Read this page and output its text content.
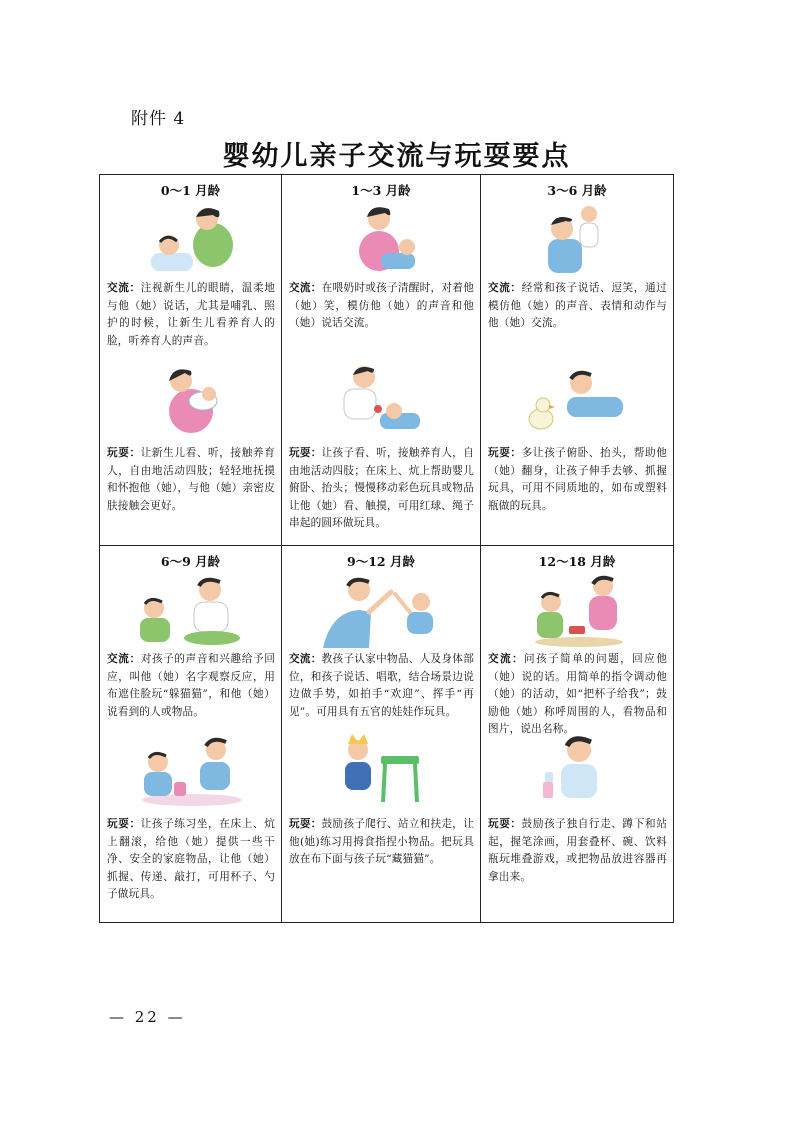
附件 4
婴幼儿亲子交流与玩耍要点
0～1 月龄
交流：注视新生儿的眼睛，温柔地与他（她）说话，尤其是哺乳、照护的时候，让新生儿看养育人的脸，听养育人的声音。
玩耍：让新生儿看、听，接触养育人，自由地活动四肢；轻轻地抚摸和怀抱他（她），与他（她）亲密皮肤接触会更好。
1～3 月龄
交流：在喂奶时或孩子清醒时，对着他（她）笑，模仿他（她）的声音和他（她）说话交流。
玩耍：让孩子看、听，接触养育人，自由地活动四肢；在床上、炕上帮助婴儿俯卧、抬头；慢慢移动彩色玩具或物品让他（她）看、触摸，可用红球、绳子串起的圆环做玩具。
3～6 月龄
交流：经常和孩子说话、逗笑，通过模仿他（她）的声音、表情和动作与他（她）交流。
玩耍：多让孩子俯卧、抬头，帮助他（她）翻身，让孩子伸手去够、抓握玩具，可用不同质地的，如布或塑料瓶做的玩具。
6～9 月龄
交流：对孩子的声音和兴趣给予回应，叫他（她）名字观察反应，用布遮住脸玩“躲猫猫”，和他（她）说看到的人或物品。
玩耍：让孩子练习坐，在床上、炕上翻滚，给他（她）提供一些干净、安全的家庭物品，让他（她）抓握、传递、敲打，可用杯子、勺子做玩具。
9～12 月龄
交流：教孩子认家中物品、人及身体部位，和孩子说话、唱歌，结合场景边说边做手势，如拍手“欢迎”、挥手“再见”。可用具有五官的娃娃作玩具。
玩耍：鼓励孩子爬行、站立和扶走，让他(她)练习用拇食指捏小物品。把玩具放在布下面与孩子玩“藏猫猫”。
12～18 月龄
交流：问孩子简单的问题，回应他（她）说的话。用简单的指令调动他（她）的活动，如“把杯子给我”；鼓励他（她）称呼周围的人，看物品和图片，说出名称。
玩耍：鼓励孩子独自行走、蹲下和站起，握笔涂画，用套叠杯、碗、饮料瓶玩堆叠游戏，或把物品放进容器再拿出来。
— 22 —
